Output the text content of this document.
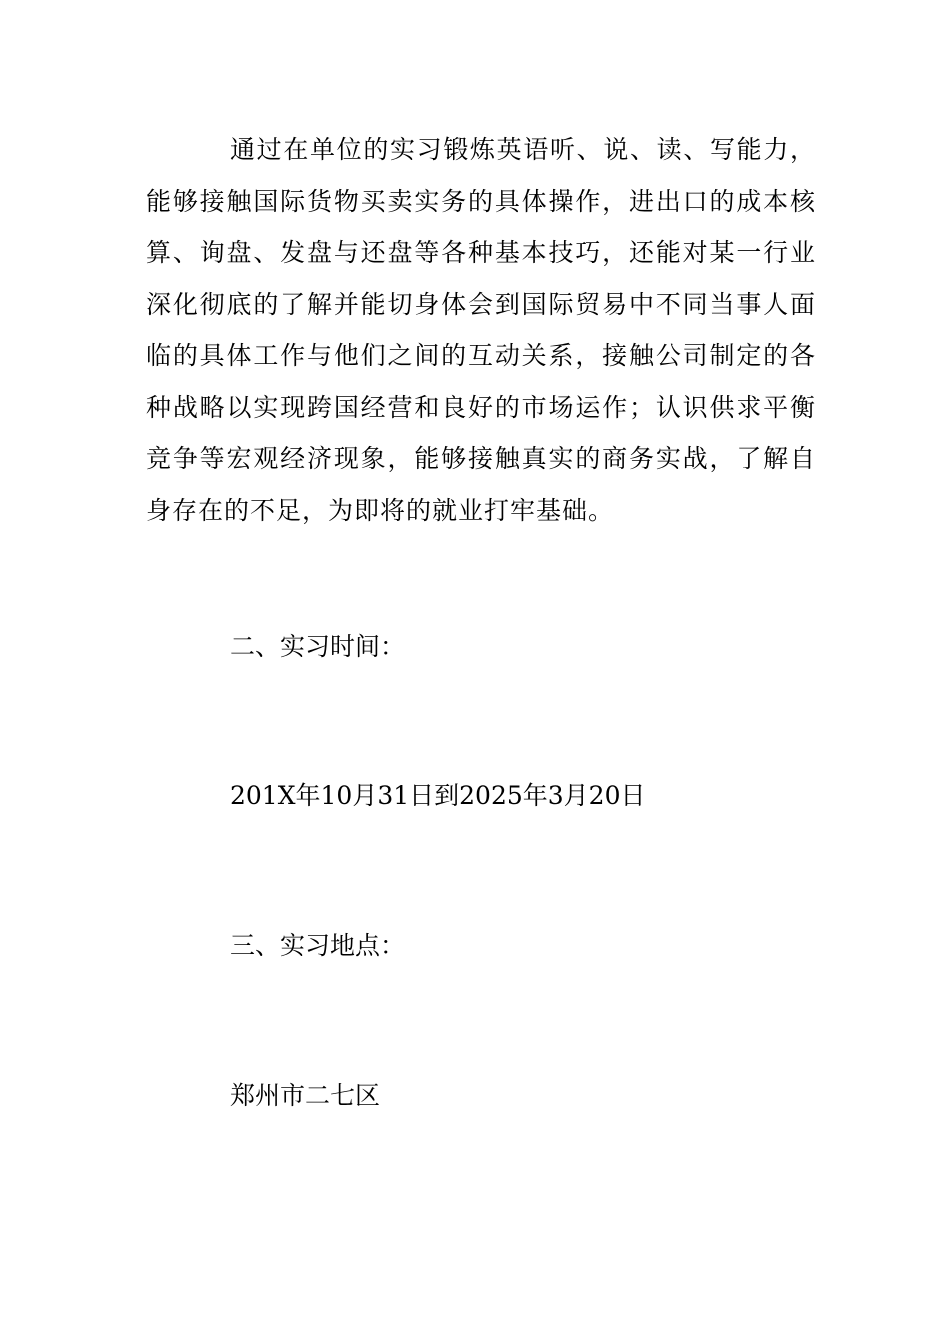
通过在单位的实习锻炼英语听、说、读、写能力，能够接触国际货物买卖实务的具体操作，进出口的成本核算、询盘、发盘与还盘等各种基本技巧，还能对某一行业深化彻底的了解并能切身体会到国际贸易中不同当事人面临的具体工作与他们之间的互动关系，接触公司制定的各种战略以实现跨国经营和良好的市场运作；认识供求平衡竞争等宏观经济现象，能够接触真实的商务实战，了解自身存在的不足，为即将的就业打牢基础。

二、实习时间：

201X年10月31日到2025年3月20日

三、实习地点：

郑州市二七区
